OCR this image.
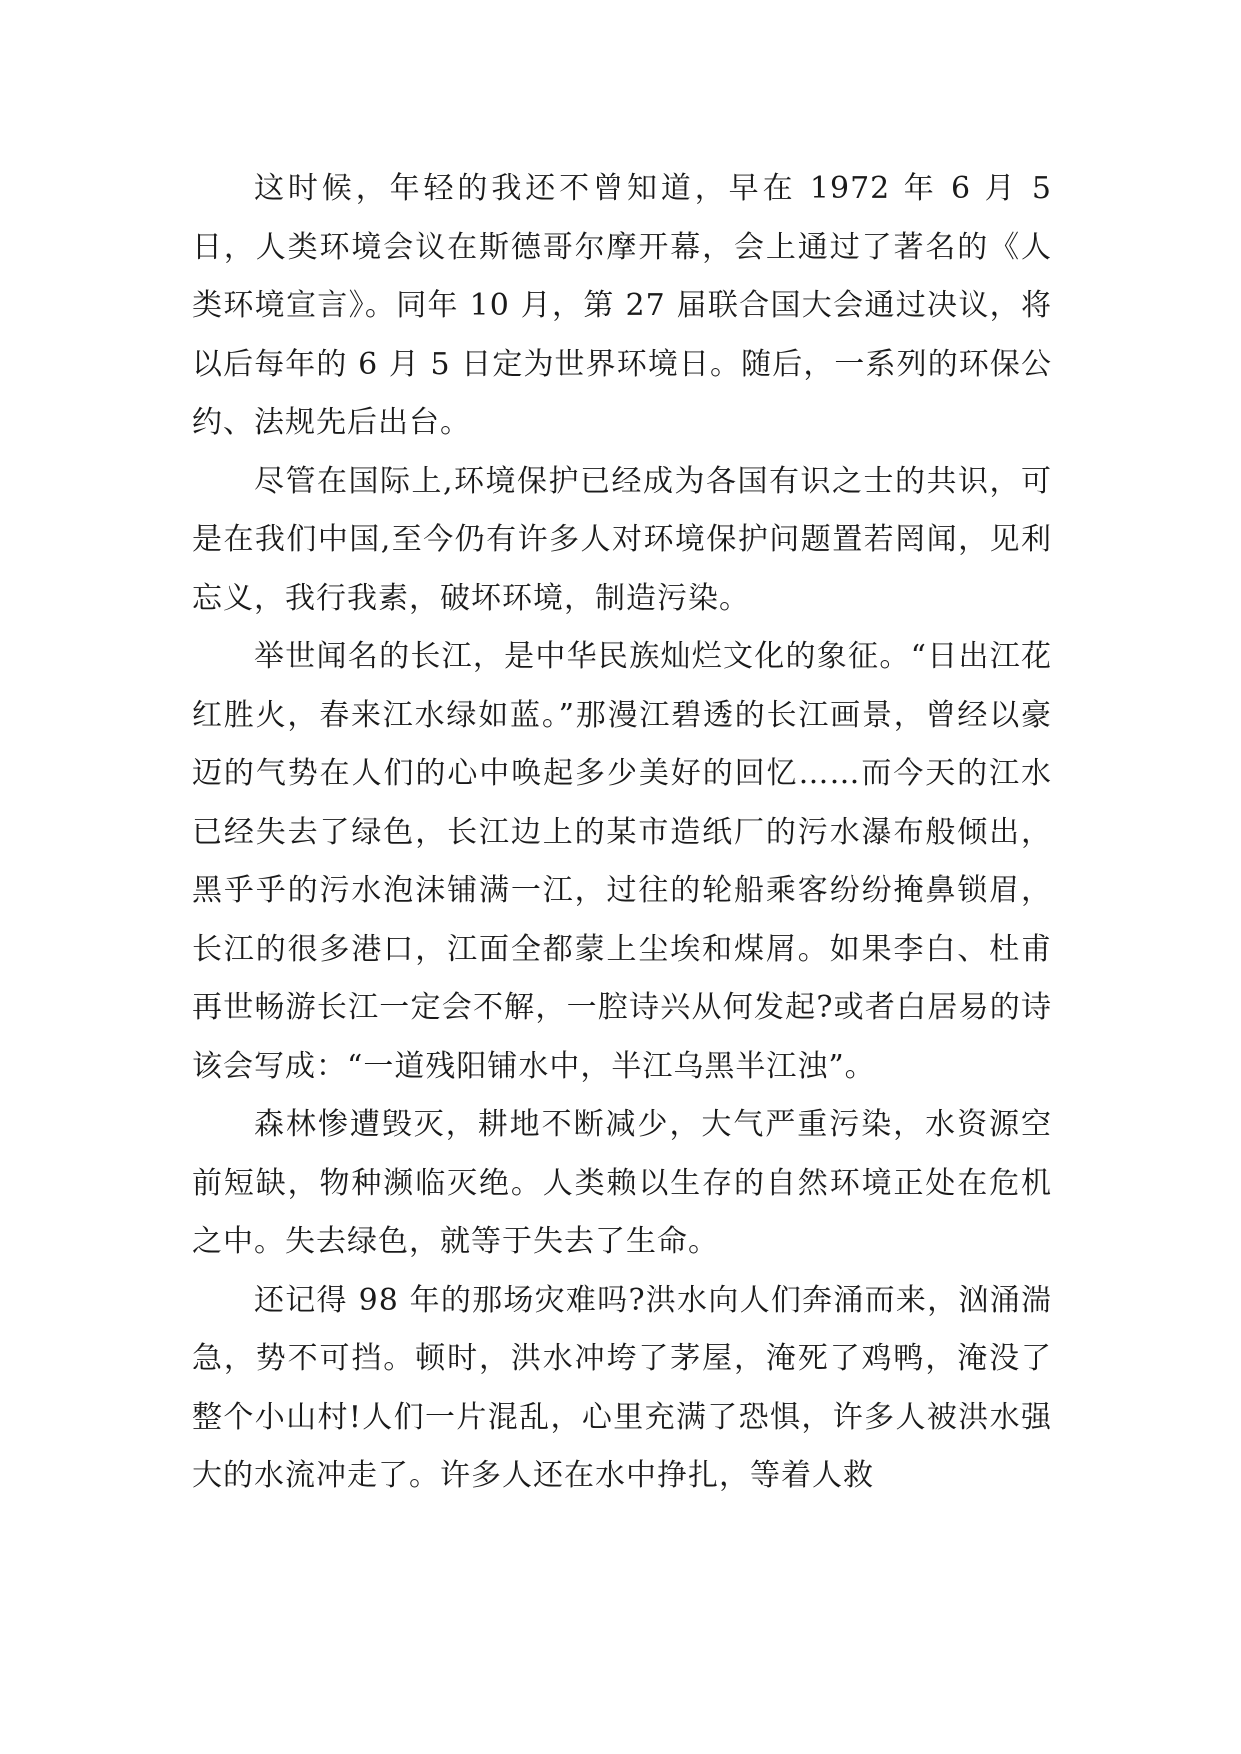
这时候，年轻的我还不曾知道，早在 1972 年 6 月 5 日，人类环境会议在斯德哥尔摩开幕，会上通过了著名的《人类环境宣言》。同年 10 月，第 27 届联合国大会通过决议，将以后每年的 6 月 5 日定为世界环境日。随后，一系列的环保公约、法规先后出台。

尽管在国际上,环境保护已经成为各国有识之士的共识，可是在我们中国,至今仍有许多人对环境保护问题置若罔闻，见利忘义，我行我素，破坏环境，制造污染。

举世闻名的长江，是中华民族灿烂文化的象征。“日出江花红胜火，春来江水绿如蓝。”那漫江碧透的长江画景，曾经以豪迈的气势在人们的心中唤起多少美好的回忆……而今天的江水已经失去了绿色，长江边上的某市造纸厂的污水瀑布般倾出，黑乎乎的污水泡沫铺满一江，过往的轮船乘客纷纷掩鼻锁眉，长江的很多港口，江面全都蒙上尘埃和煤屑。如果李白、杜甫再世畅游长江一定会不解，一腔诗兴从何发起?或者白居易的诗该会写成：“一道残阳铺水中，半江乌黑半江浊”。

森林惨遭毁灭，耕地不断减少，大气严重污染，水资源空前短缺，物种濒临灭绝。人类赖以生存的自然环境正处在危机之中。失去绿色，就等于失去了生命。

还记得 98 年的那场灾难吗?洪水向人们奔涌而来，汹涌湍急，势不可挡。顿时，洪水冲垮了茅屋，淹死了鸡鸭，淹没了整个小山村!人们一片混乱，心里充满了恐惧，许多人被洪水强大的水流冲走了。许多人还在水中挣扎，等着人救
